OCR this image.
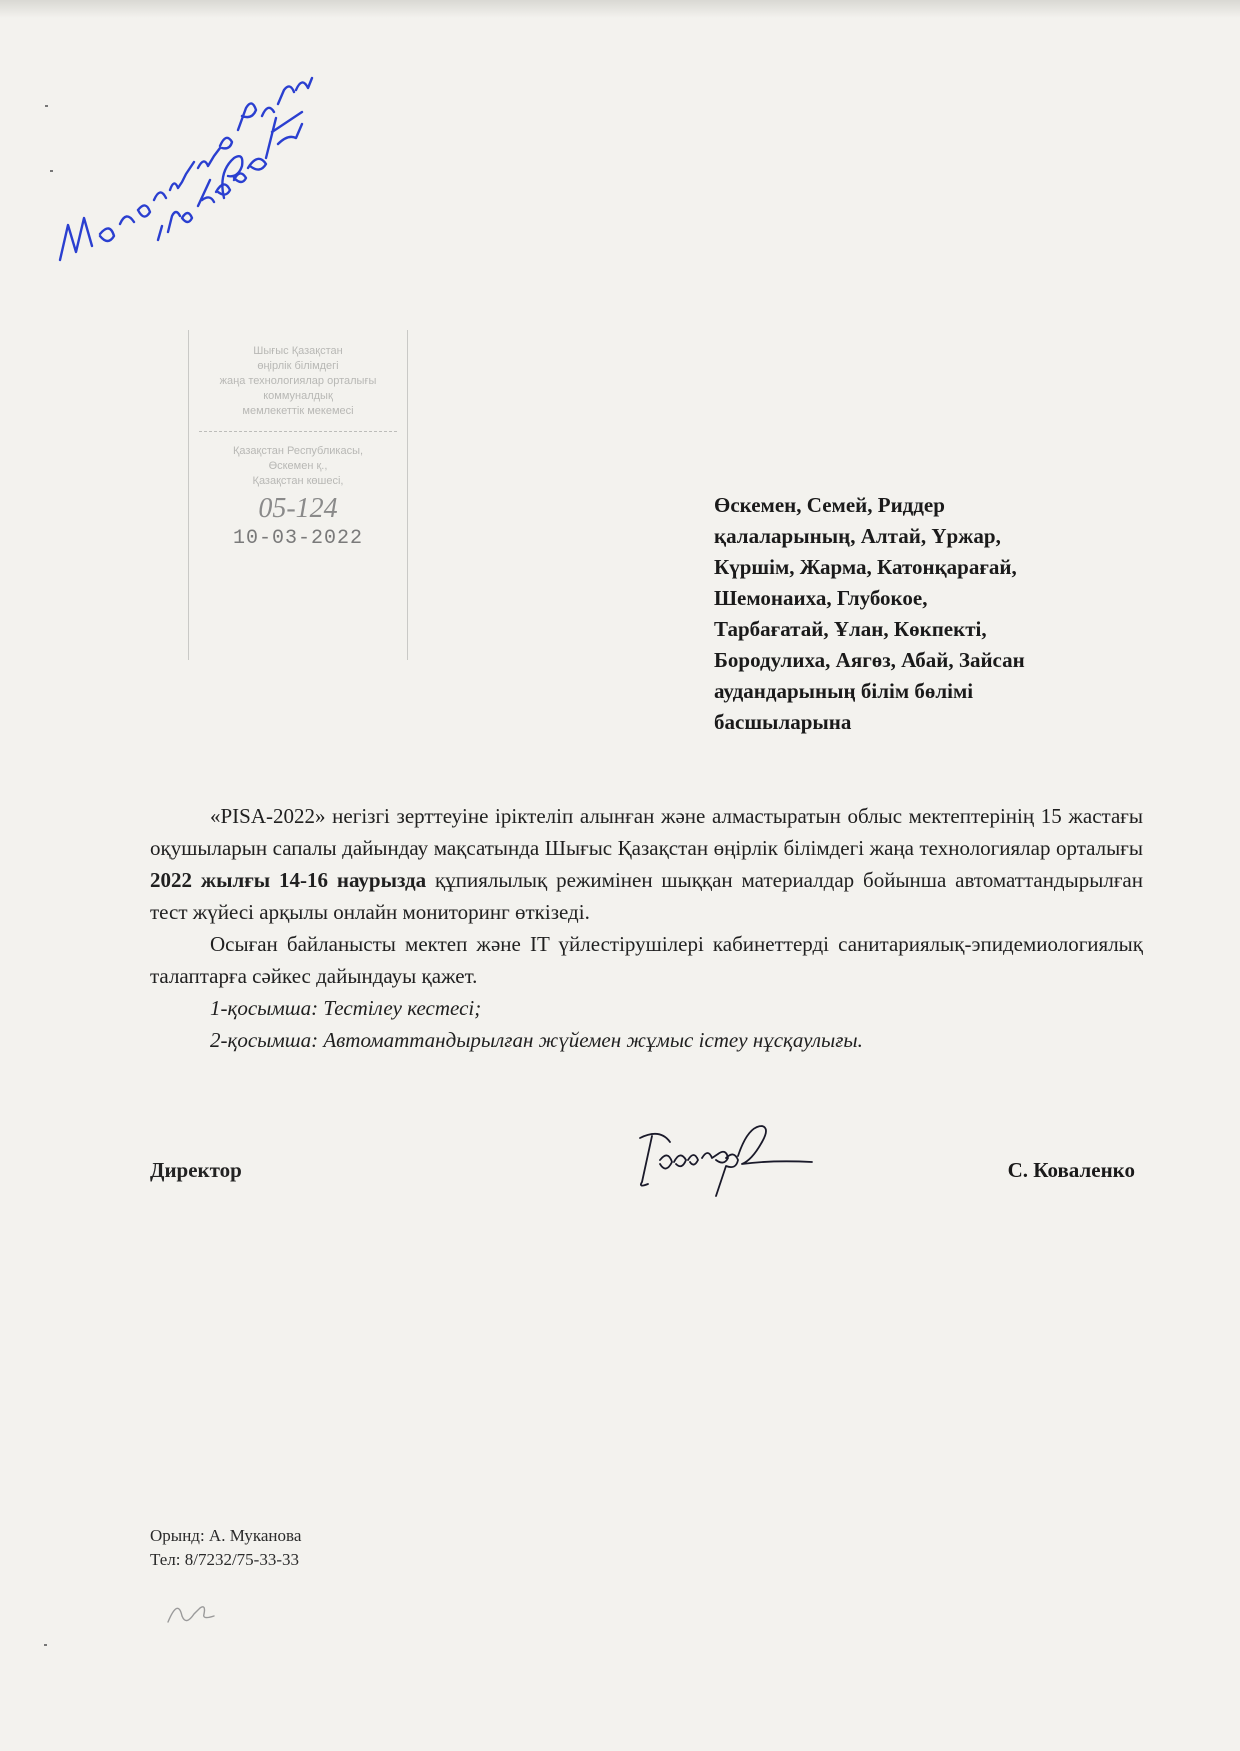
Шығыс Қазақстан
өңірлік білімдегі
жаңа технологиялар орталығы
коммуналдық
мемлекеттік мекемесі
Қазақстан Республикасы,
Өскемен қ.,
Қазақстан көшесі,
05-124
10-03-2022
Өскемен, Семей, Риддер
қалаларының, Алтай, Үржар,
Күршім, Жарма, Катонқарағай,
Шемонаиха, Глубокое,
Тарбағатай, Ұлан, Көкпекті,
Бородулиха, Аягөз, Абай, Зайсан
аудандарының білім бөлімі
басшыларына

«PISA-2022» негізгі зерттеуіне іріктеліп алынған және алмастыратын облыс мектептерінің 15 жастағы оқушыларын сапалы дайындау мақсатында Шығыс Қазақстан өңірлік білімдегі жаңа технологиялар орталығы 2022 жылғы 14-16 наурызда құпиялылық режимінен шыққан материалдар бойынша автоматтандырылған тест жүйесі арқылы онлайн мониторинг өткізеді.

Осыған байланысты мектеп және IT үйлестірушілері кабинеттерді санитариялық-эпидемиологиялық талаптарға сәйкес дайындауы қажет.

1-қосымша: Тестілеу кестесі;

2-қосымша: Автоматтандырылған жүйемен жұмыс істеу нұсқаулығы.

Директор	С. Коваленко
Орынд: А. Муканова
Тел: 8/7232/75-33-33
